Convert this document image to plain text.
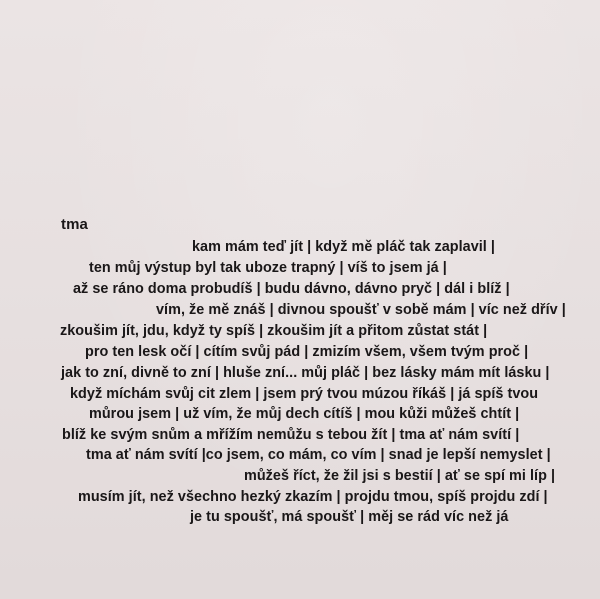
tma
kam mám teď jít | když mě pláč tak zaplavil |
ten můj výstup byl tak uboze trapný | víš to jsem já |
až se ráno doma probudíš | budu dávno, dávno pryč | dál i blíž |
vím, že mě znáš | divnou spoušť v sobě mám | víc než dřív |
zkoušim jít, jdu, když ty spíš | zkoušim jít a přitom zůstat stát |
pro ten lesk očí | cítím svůj pád | zmizím všem, všem tvým proč |
jak to zní, divně to zní | hluše zní... můj pláč | bez lásky mám mít lásku |
když míchám svůj cit zlem | jsem prý tvou múzou říkáš | já spíš tvou
můrou jsem | už vím, že můj dech cítíš | mou kůži můžeš chtít |
blíž ke svým snům a mřížím nemůžu s tebou žít | tma ať nám svítí |
tma ať nám svítí |co jsem, co mám, co vím | snad je lepší nemyslet |
můžeš říct, že žil jsi s bestií | ať se spí mi líp |
musím jít, než všechno hezký zkazím | projdu tmou, spíš projdu zdí |
je tu spoušť, má spoušť | měj se rád víc než já
